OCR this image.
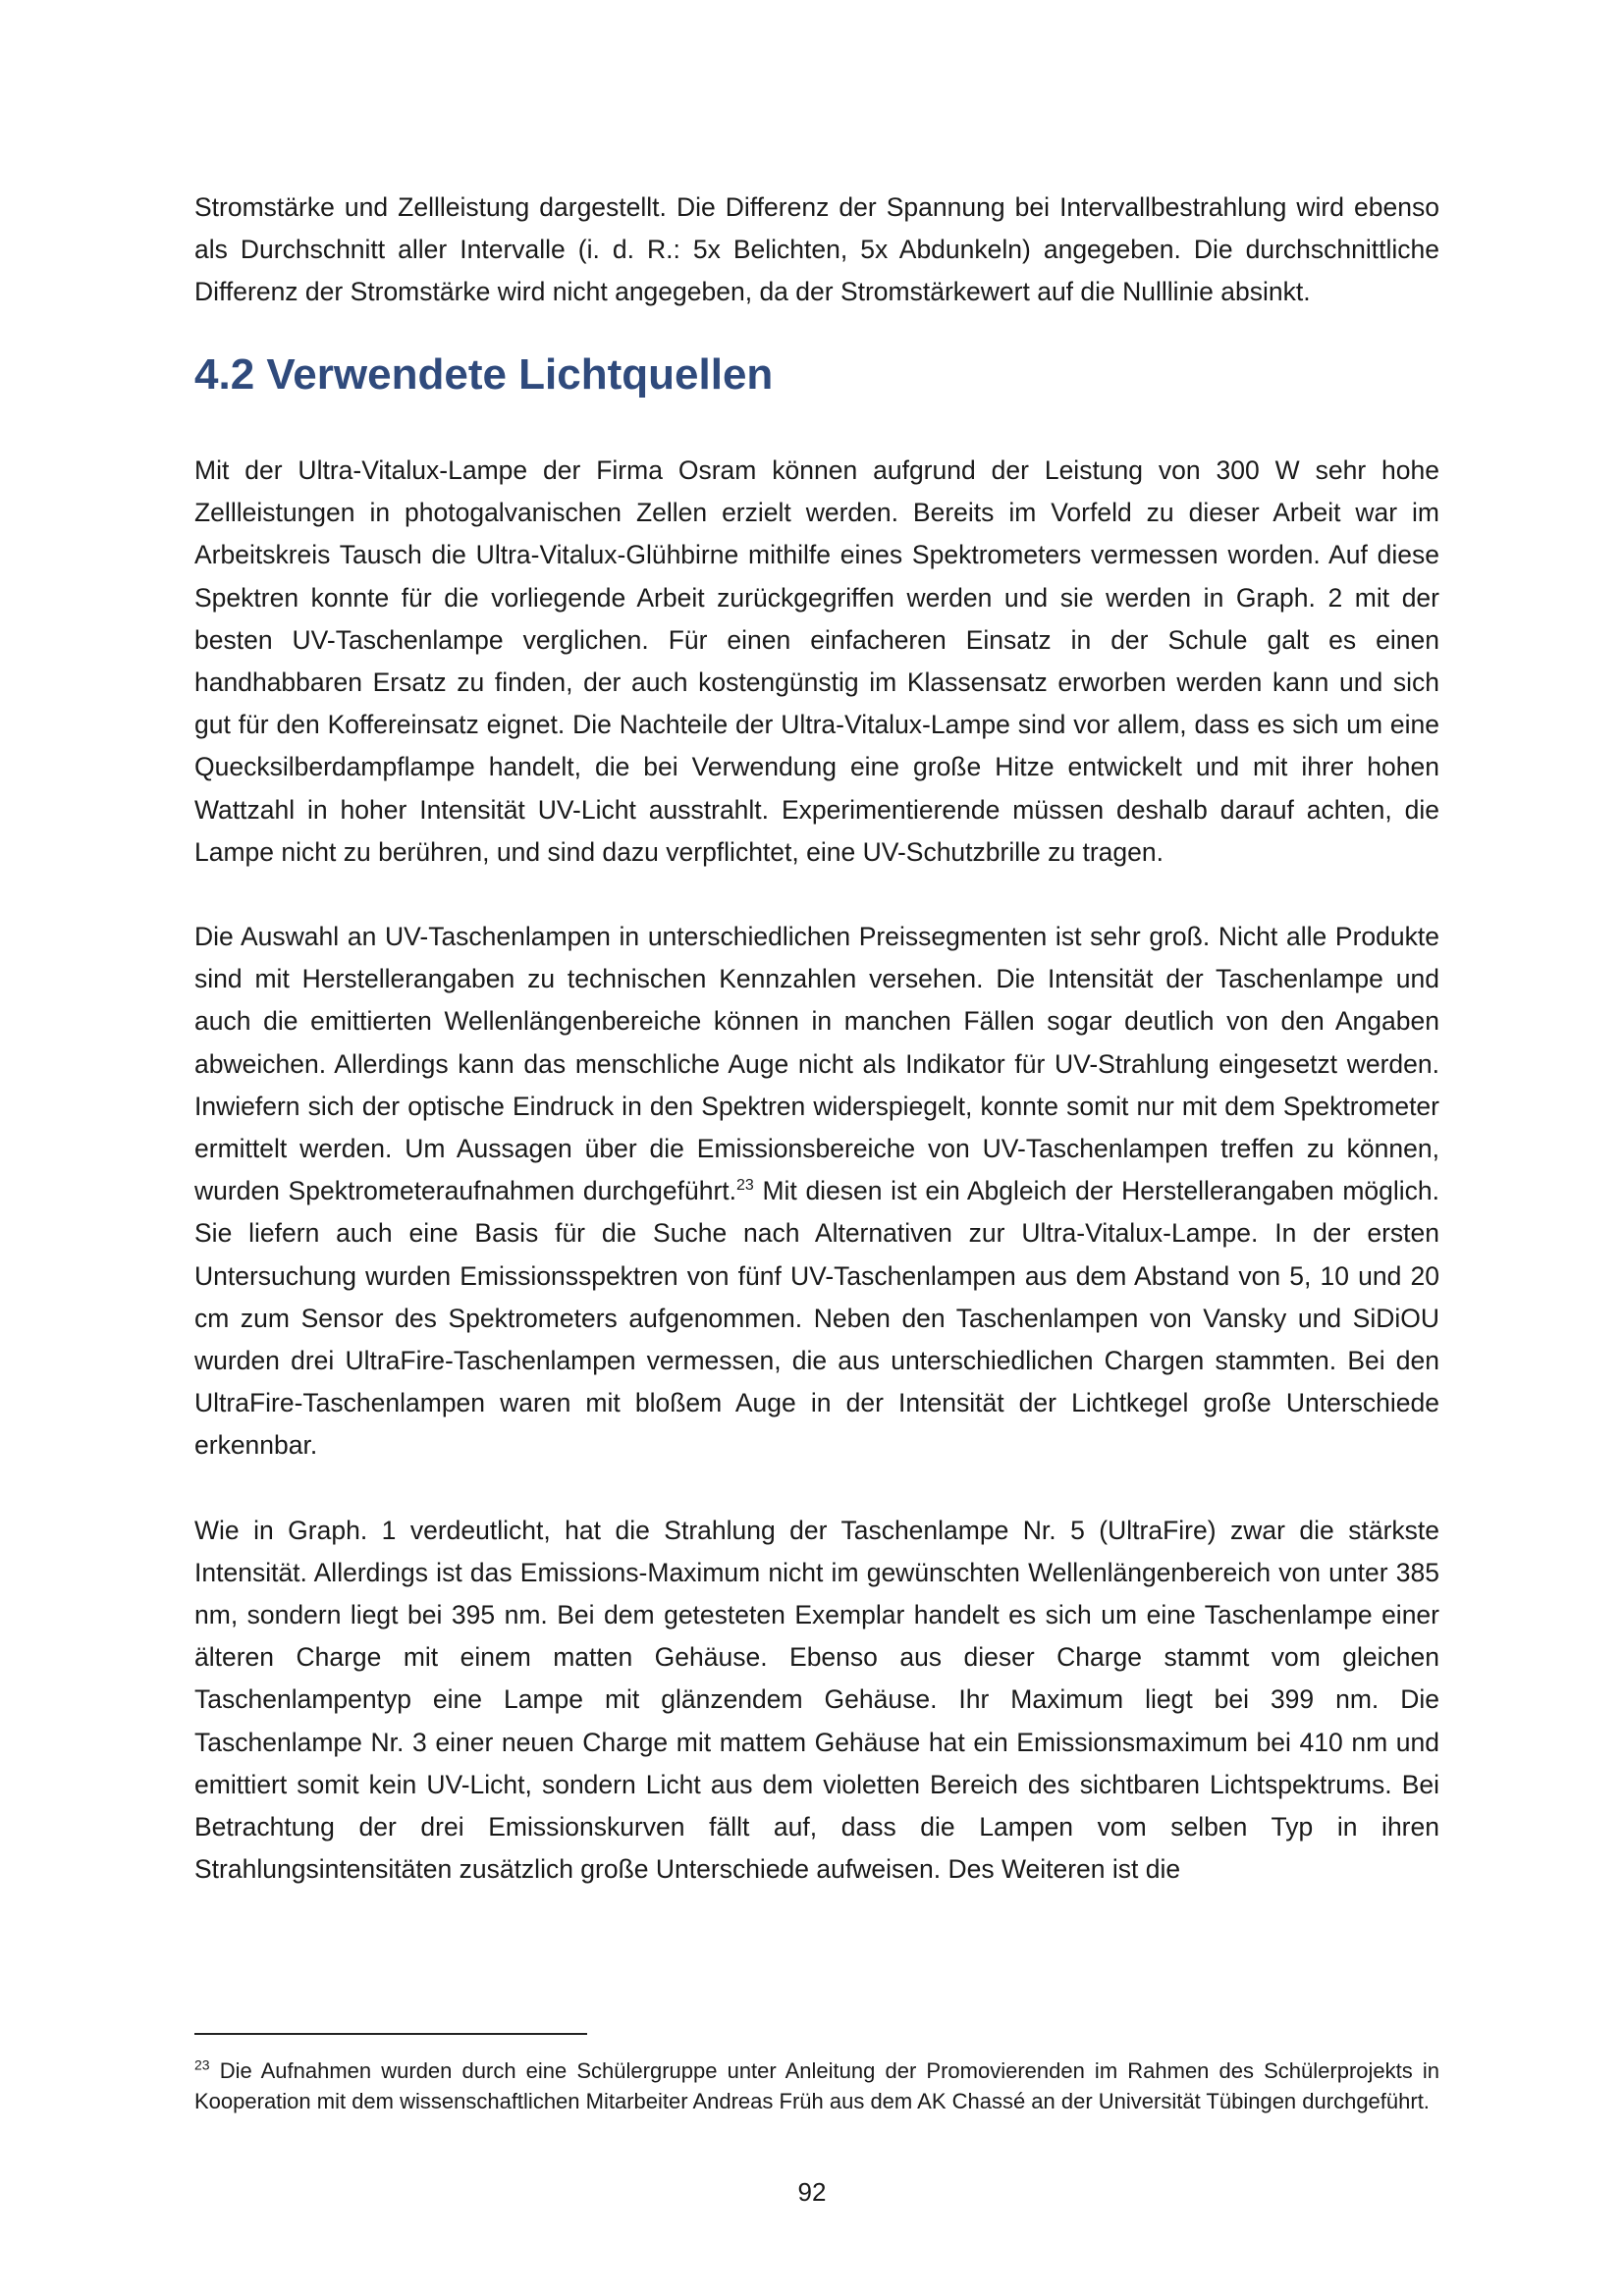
Stromstärke und Zellleistung dargestellt. Die Differenz der Spannung bei Intervallbestrahlung wird ebenso als Durchschnitt aller Intervalle (i. d. R.: 5x Belichten, 5x Abdunkeln) angegeben. Die durchschnittliche Differenz der Stromstärke wird nicht angegeben, da der Stromstärkewert auf die Nulllinie absinkt.

4.2 Verwendete Lichtquellen

Mit der Ultra-Vitalux-Lampe der Firma Osram können aufgrund der Leistung von 300 W sehr hohe Zellleistungen in photogalvanischen Zellen erzielt werden. Bereits im Vorfeld zu dieser Arbeit war im Arbeitskreis Tausch die Ultra-Vitalux-Glühbirne mithilfe eines Spektrometers vermessen worden. Auf diese Spektren konnte für die vorliegende Arbeit zurückgegriffen werden und sie werden in Graph. 2 mit der besten UV-Taschenlampe verglichen. Für einen einfacheren Einsatz in der Schule galt es einen handhabbaren Ersatz zu finden, der auch kostengünstig im Klassensatz erworben werden kann und sich gut für den Koffereinsatz eignet. Die Nachteile der Ultra-Vitalux-Lampe sind vor allem, dass es sich um eine Quecksilberdampflampe handelt, die bei Verwendung eine große Hitze entwickelt und mit ihrer hohen Wattzahl in hoher Intensität UV-Licht ausstrahlt. Experimentierende müssen deshalb darauf achten, die Lampe nicht zu berühren, und sind dazu verpflichtet, eine UV-Schutzbrille zu tragen.

Die Auswahl an UV-Taschenlampen in unterschiedlichen Preissegmenten ist sehr groß. Nicht alle Produkte sind mit Herstellerangaben zu technischen Kennzahlen versehen. Die Intensität der Taschenlampe und auch die emittierten Wellenlängenbereiche können in manchen Fällen sogar deutlich von den Angaben abweichen. Allerdings kann das menschliche Auge nicht als Indikator für UV-Strahlung eingesetzt werden. Inwiefern sich der optische Eindruck in den Spektren widerspiegelt, konnte somit nur mit dem Spektrometer ermittelt werden. Um Aussagen über die Emissionsbereiche von UV-Taschenlampen treffen zu können, wurden Spektrometeraufnahmen durchgeführt.$^{23}$ Mit diesen ist ein Abgleich der Herstellerangaben möglich. Sie liefern auch eine Basis für die Suche nach Alternativen zur Ultra-Vitalux-Lampe. In der ersten Untersuchung wurden Emissionsspektren von fünf UV-Taschenlampen aus dem Abstand von 5, 10 und 20 cm zum Sensor des Spektrometers aufgenommen. Neben den Taschenlampen von Vansky und SiDiOU wurden drei UltraFire-Taschenlampen vermessen, die aus unterschiedlichen Chargen stammten. Bei den UltraFire-Taschenlampen waren mit bloßem Auge in der Intensität der Lichtkegel große Unterschiede erkennbar.

Wie in Graph. 1 verdeutlicht, hat die Strahlung der Taschenlampe Nr. 5 (UltraFire) zwar die stärkste Intensität. Allerdings ist das Emissions-Maximum nicht im gewünschten Wellenlängenbereich von unter 385 nm, sondern liegt bei 395 nm. Bei dem getesteten Exemplar handelt es sich um eine Taschenlampe einer älteren Charge mit einem matten Gehäuse. Ebenso aus dieser Charge stammt vom gleichen Taschenlampentyp eine Lampe mit glänzendem Gehäuse. Ihr Maximum liegt bei 399 nm. Die Taschenlampe Nr. 3 einer neuen Charge mit mattem Gehäuse hat ein Emissionsmaximum bei 410 nm und emittiert somit kein UV-Licht, sondern Licht aus dem violetten Bereich des sichtbaren Lichtspektrums. Bei Betrachtung der drei Emissionskurven fällt auf, dass die Lampen vom selben Typ in ihren Strahlungsintensitäten zusätzlich große Unterschiede aufweisen. Des Weiteren ist die

$^{23}$ Die Aufnahmen wurden durch eine Schülergruppe unter Anleitung der Promovierenden im Rahmen des Schülerprojekts in Kooperation mit dem wissenschaftlichen Mitarbeiter Andreas Früh aus dem AK Chassé an der Universität Tübingen durchgeführt.

92
